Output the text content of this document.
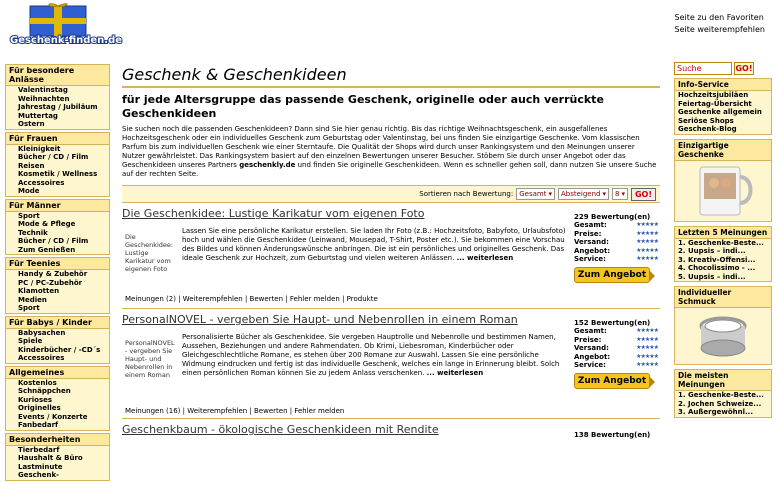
Geschenk-finden.de
Seite zu den Favoriten
Seite weiterempfehlen
Für besondere Anlässe
Valentinstag
Weihnachten
Jahrestag / Jubiläum
Muttertag
Ostern
Für Frauen
Kleinigkeit
Bücher / CD / Film
Reisen
Kosmetik / Wellness
Accessoires
Mode
Für Männer
Sport
Mode & Pflege
Technik
Bücher / CD / Film
Zum Genießen
Für Teenies
Handy & Zubehör
PC / PC-Zubehör
Klamotten
Medien
Sport
Für Babys / Kinder
Babysachen
Spiele
Kinderbücher / -CD´s
Accessoires
Allgemeines
Kostenlos
Schnäppchen
Kurioses
Originelles
Events / Konzerte
Fanbedarf
Besonderheiten
Tierbedarf
Haushalt & Büro
Lastminute
Geschenk-
Geschenk & Geschenkideen
für jede Altersgruppe das passende Geschenk, originelle oder auch verrückte Geschenkideen
Sie suchen noch die passenden Geschenkideen? Dann sind Sie hier genau richtig. Bis das richtige Weihnachtsgeschenk, ein ausgefallenes Hochzeitsgeschenk oder ein individuelles Geschenk zum Geburtstag oder Valentinstag, bei uns finden Sie einzigartige Geschenke. Vom klassischen Parfum bis zum individuellen Geschenk wie einer Sterntaufe. Die Qualität der Shops wird durch unser Rankingsystem und den Meinungen unserer Nutzer gewährleistet. Das Rankingsystem basiert auf den einzelnen Bewertungen unserer Besucher. Stöbern Sie durch unser Angebot oder das Geschenkideen unseres Partners geschenkly.de und finden Sie originelle Geschenkideen. Wenn es schneller gehen soll, dann nutzen Sie unsere Suche auf der rechten Seite.
Sortieren nach Bewertung: Gesamt ▾ Absteigend ▾ 8 ▾	GO!
Die Geschenkidee: Lustige Karikatur vom eigenen Foto
Die Geschenkidee: Lustige Karikatur vom eigenen Foto
Lassen Sie eine persönliche Karikatur erstellen. Sie laden Ihr Foto (z.B.: Hochzeitsfoto, Babyfoto, Urlaubsfoto) hoch und wählen die Geschenkidee (Leinwand, Mousepad, T-Shirt, Poster etc.). Sie bekommen eine Vorschau des Bildes und können Änderungswünsche anbringen. Die ist ein persönliches und originelles Geschenk. Das ideale Geschenk zur Hochzeit, zum Geburtstag und vielen weiteren Anlässen. ... weiterlesen
Meinungen (2) | Weiterempfehlen | Bewerten | Fehler melden | Produkte
229 Bewertung(en)
Gesamt:	★★★★★
Preise:	★★★★★
Versand:	★★★★★
Angebot:	★★★★★
Service:	★★★★★
Zum Angebot
PersonalNOVEL - vergeben Sie Haupt- und Nebenrollen in einem Roman
PersonalNOVEL - vergeben Sie Haupt- und Nebenrollen in einem Roman
Personalisierte Bücher als Geschenkidee. Sie vergeben Hauptrolle und Nebenrolle und bestimmen Namen, Aussehen, Beziehungen und andere Rahmendaten. Ob Krimi, Liebesroman, Kinderbücher oder Gleichgeschlechtliche Romane, es stehen über 200 Romane zur Auswahl. Lassen Sie eine persönliche Widmung eindrucken und fertig ist das individuelle Geschenk, welches ein lange in Erinnerung bleibt. Solch einen persönlichen Roman können Sie zu jedem Anlass verschenken. ... weiterlesen
Meinungen (16) | Weiterempfehlen | Bewerten | Fehler melden
152 Bewertung(en)
Gesamt:	★★★★★
Preise:	★★★★★
Versand:	★★★★★
Angebot:	★★★★★
Service:	★★★★★
Zum Angebot
Geschenkbaum - ökologische Geschenkideen mit Rendite	138 Bewertung(en)
Suche
GO!
Info-Service
Hochzeitsjubiläen
Feiertag-Übersicht
Geschenke allgemein
Seriöse Shops
Geschenk-Blog
Einzigartige Geschenke
Letzten 5 Meinungen
1. Geschenke-Beste...
2. Uupsis – indi...
3. Kreativ-Offensi...
4. Chocolissimo - ...
5. Uupsis – indi...
Individueller Schmuck
Die meisten Meinungen
1. Geschenke-Beste...
2. Jochen Schweize...
3. Außergewöhnl...
